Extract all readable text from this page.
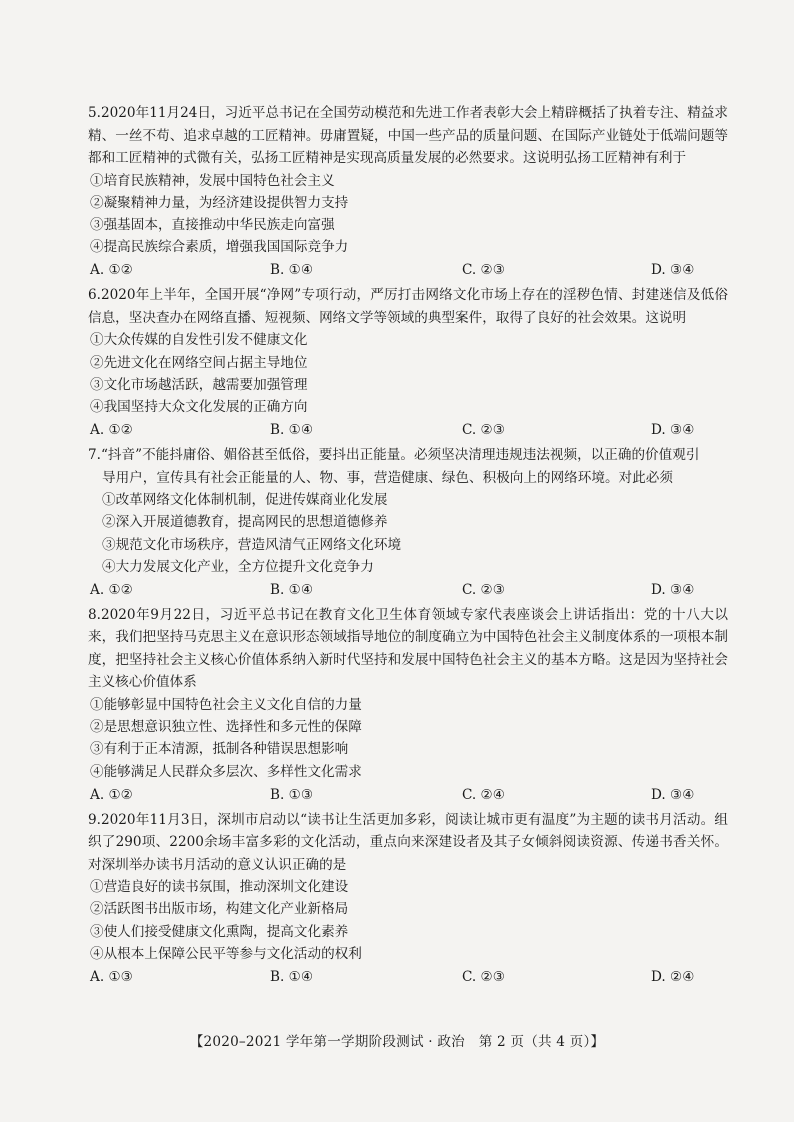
5.2020年11月24日，习近平总书记在全国劳动模范和先进工作者表彰大会上精辟概括了执着专注、精益求精、一丝不苟、追求卓越的工匠精神。毋庸置疑，中国一些产品的质量问题、在国际产业链处于低端问题等都和工匠精神的式微有关，弘扬工匠精神是实现高质量发展的必然要求。这说明弘扬工匠精神有利于

①培育民族精神，发展中国特色社会主义

②凝聚精神力量，为经济建设提供智力支持

③强基固本，直接推动中华民族走向富强

④提高民族综合素质，增强我国国际竞争力

A. ①②	B. ①④	C. ②③	D. ③④

6.2020年上半年，全国开展“净网”专项行动，严厉打击网络文化市场上存在的淫秽色情、封建迷信及低俗信息，坚决查办在网络直播、短视频、网络文学等领域的典型案件，取得了良好的社会效果。这说明

①大众传媒的自发性引发不健康文化

②先进文化在网络空间占据主导地位

③文化市场越活跃，越需要加强管理

④我国坚持大众文化发展的正确方向

A. ①②	B. ①④	C. ②③	D. ③④

7.“抖音”不能抖庸俗、媚俗甚至低俗，要抖出正能量。必须坚决清理违规违法视频，以正确的价值观引
导用户，宣传具有社会正能量的人、物、事，营造健康、绿色、积极向上的网络环境。对此必须

①改革网络文化体制机制，促进传媒商业化发展

②深入开展道德教育，提高网民的思想道德修养

③规范文化市场秩序，营造风清气正网络文化环境

④大力发展文化产业，全方位提升文化竞争力

A. ①②	B. ①④	C. ②③	D. ③④

8.2020年9月22日，习近平总书记在教育文化卫生体育领域专家代表座谈会上讲话指出：党的十八大以来，我们把坚持马克思主义在意识形态领域指导地位的制度确立为中国特色社会主义制度体系的一项根本制度，把坚持社会主义核心价值体系纳入新时代坚持和发展中国特色社会主义的基本方略。这是因为坚持社会主义核心价值体系

①能够彰显中国特色社会主义文化自信的力量

②是思想意识独立性、选择性和多元性的保障

③有利于正本清源，抵制各种错误思想影响

④能够满足人民群众多层次、多样性文化需求

A. ①②	B. ①③	C. ②④	D. ③④

9.2020年11月3日，深圳市启动以“读书让生活更加多彩，阅读让城市更有温度”为主题的读书月活动。组织了290项、2200余场丰富多彩的文化活动，重点向来深建设者及其子女倾斜阅读资源、传递书香关怀。对深圳举办读书月活动的意义认识正确的是

①营造良好的读书氛围，推动深圳文化建设

②活跃图书出版市场，构建文化产业新格局

③使人们接受健康文化熏陶，提高文化素养

④从根本上保障公民平等参与文化活动的权利

A. ①③	B. ①④	C. ②③	D. ②④
【2020–2021 学年第一学期阶段测试 · 政治　第 2 页（共 4 页）】
